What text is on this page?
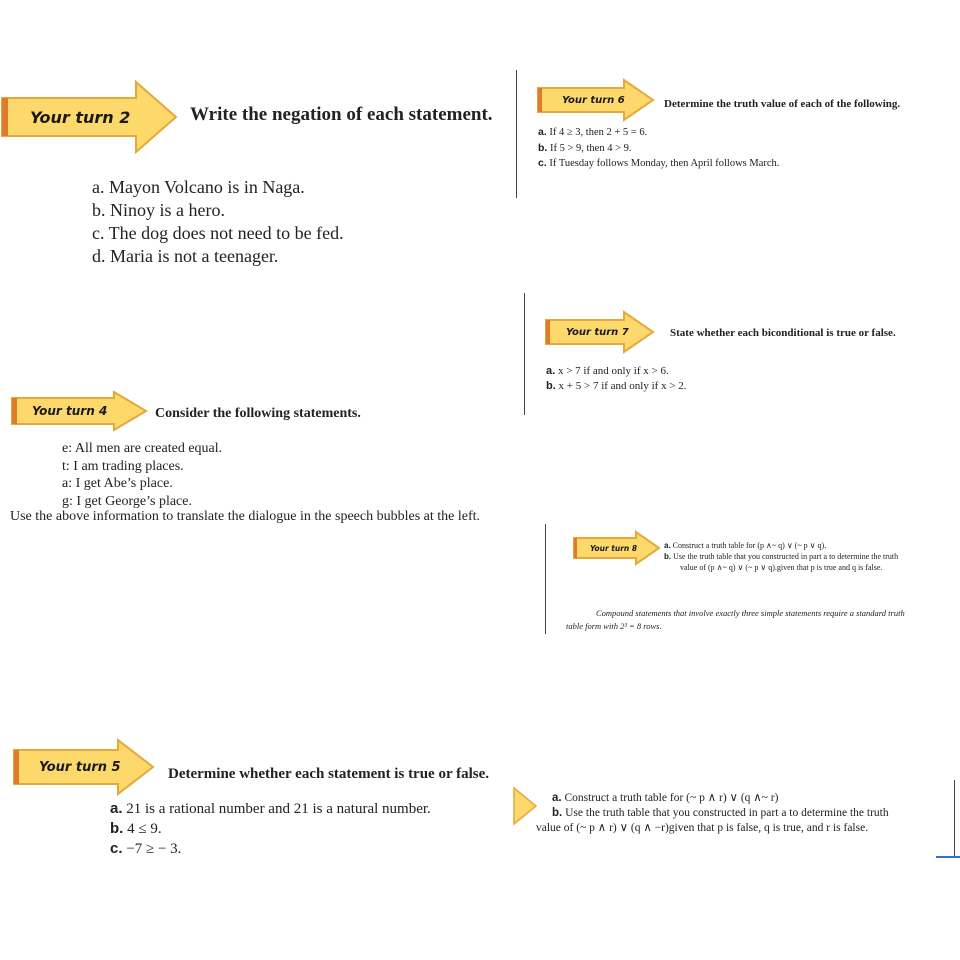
Your turn 2	Write the negation of each statement.
a. Mayon Volcano is in Naga.
b. Ninoy is a hero.
c. The dog does not need to be fed.
d. Maria is not a teenager.
Your turn 4	Consider the following statements.
e: All men are created equal.
t: I am trading places.
a: I get Abe’s place.
g: I get George’s place.
Use the above information to translate the dialogue in the speech bubbles at the left.
Your turn 5	Determine whether each statement is true or false.
a. 21 is a rational number and 21 is a natural number.
b. 4 ≤ 9.
c. −7 ≥ − 3.
Your turn 6	Determine the truth value of each of the following.
a. If 4 ≥ 3, then 2 + 5 = 6.
b. If 5 > 9, then 4 > 9.
c. If Tuesday follows Monday, then April follows March.
Your turn 7	State whether each biconditional is true or false.
a. x > 7 if and only if x > 6.
b. x + 5 > 7 if and only if x > 2.
Your turn 8	a. Construct a truth table for (p ∧~ q) ∨ (~ p ∨ q).
b. Use the truth table that you constructed in part a to determine the truth
value of (p ∧~ q) ∨ (~ p ∨ q).given that p is true and q is false.
Compound statements that involve exactly three simple statements require a standard truth
table form with 2³ = 8 rows.
a. Construct a truth table for (~ p ∧ r) ∨ (q ∧~ r)
b. Use the truth table that you constructed in part a to determine the truth
value of (~ p ∧ r) ∨ (q ∧ −r)given that p is false, q is true, and r is false.
